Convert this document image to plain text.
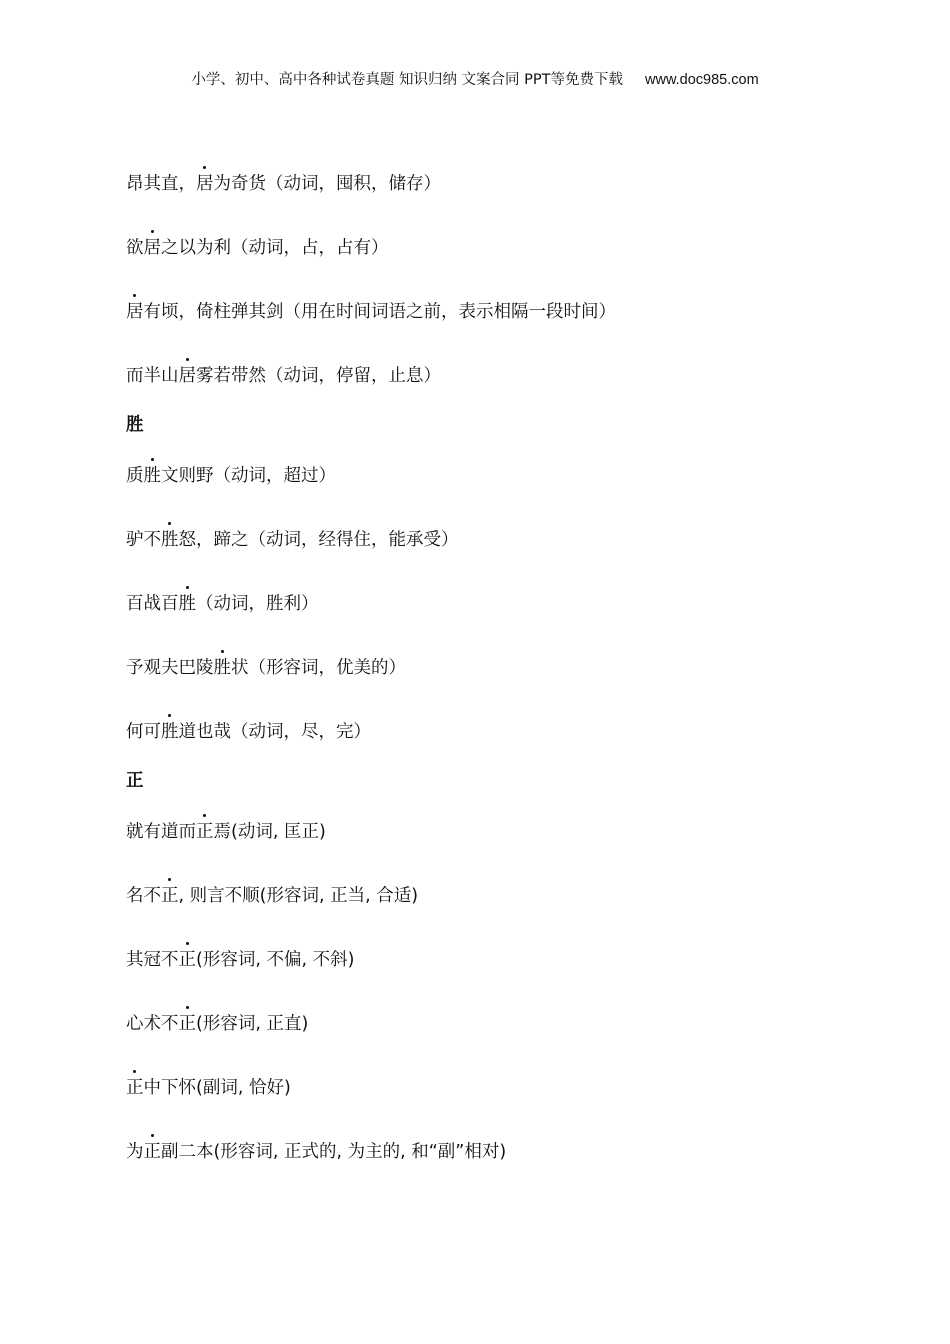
小学、初中、高中各种试卷真题 知识归纳 文案合同 PPT等免费下载 www.doc985.com
昂其直，居为奇货（动词，囤积，储存）
欲居之以为利（动词，占，占有）
居有顷，倚柱弹其剑（用在时间词语之前，表示相隔一段时间）
而半山居雾若带然（动词，停留，止息）
胜
质胜文则野（动词，超过）
驴不胜怒，蹄之（动词，经得住，能承受）
百战百胜（动词，胜利）
予观夫巴陵胜状（形容词，优美的）
何可胜道也哉（动词，尽，完）
正
就有道而正焉(动词, 匡正)
名不正, 则言不顺(形容词, 正当, 合适)
其冠不正(形容词, 不偏, 不斜)
心术不正(形容词, 正直)
正中下怀(副词, 恰好)
为正副二本(形容词, 正式的, 为主的, 和“副”相对)
